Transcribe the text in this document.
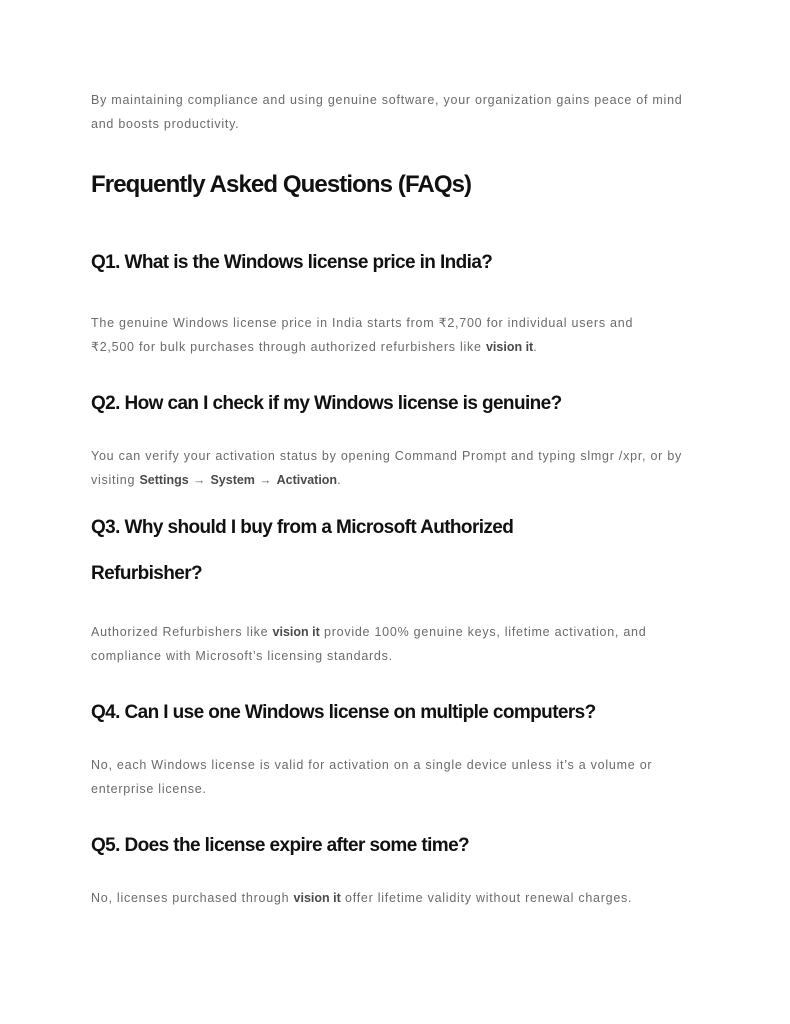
By maintaining compliance and using genuine software, your organization gains peace of mind and boosts productivity.

Frequently Asked Questions (FAQs)
Q1. What is the Windows license price in India?

The genuine Windows license price in India starts from ₹2,700 for individual users and ₹2,500 for bulk purchases through authorized refurbishers like vision it.

Q2. How can I check if my Windows license is genuine?

You can verify your activation status by opening Command Prompt and typing slmgr /xpr, or by visiting Settings → System → Activation.

Q3. Why should I buy from a Microsoft Authorized Refurbisher?

Authorized Refurbishers like vision it provide 100% genuine keys, lifetime activation, and compliance with Microsoft’s licensing standards.

Q4. Can I use one Windows license on multiple computers?

No, each Windows license is valid for activation on a single device unless it’s a volume or enterprise license.

Q5. Does the license expire after some time?

No, licenses purchased through vision it offer lifetime validity without renewal charges.
